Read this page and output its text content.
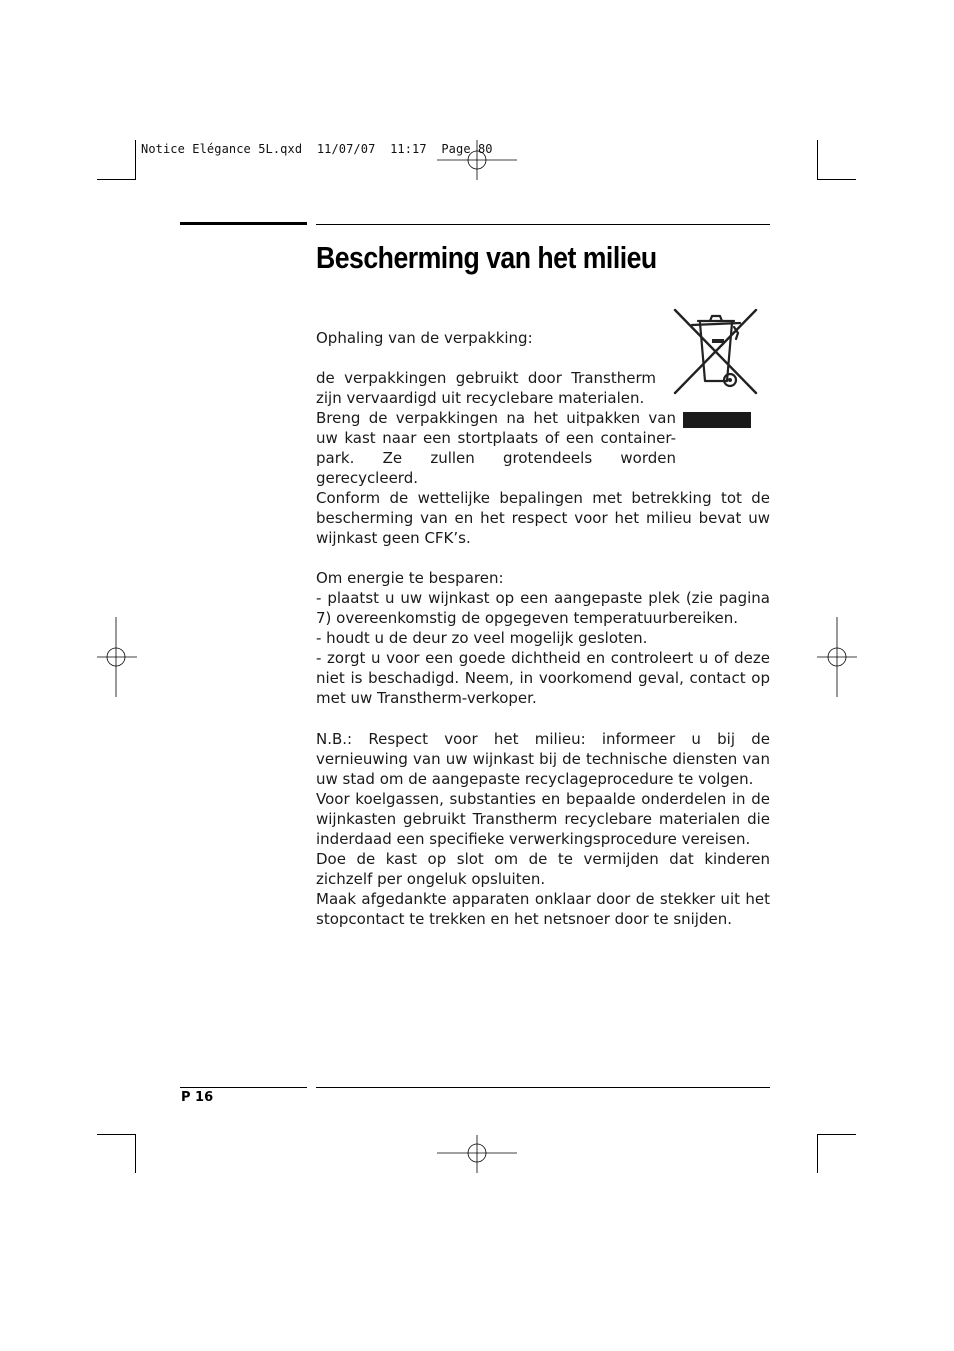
Notice Elégance 5L.qxd 11/07/07 11:17 Page 80
Bescherming van het milieu

Ophaling van de verpakking:

de verpakkingen gebruikt door Transtherm zijn vervaardigd uit recyclebare materialen.

Breng de verpakkingen na het uitpakken van uw kast naar een stortplaats of een container-park. Ze zullen grotendeels worden gerecycleerd.

Conform de wettelijke bepalingen met betrekking tot de bescherming van en het respect voor het milieu bevat uw wijnkast geen CFK’s.

Om energie te besparen:

- plaatst u uw wijnkast op een aangepaste plek (zie pagina 7) overeenkomstig de opgegeven temperatuurbereiken.

- houdt u de deur zo veel mogelijk gesloten.

- zorgt u voor een goede dichtheid en controleert u of deze niet is beschadigd. Neem, in voorkomend geval, contact op met uw Transtherm-verkoper.

N.B.: Respect voor het milieu: informeer u bij de vernieuwing van uw wijnkast bij de technische diensten van uw stad om de aangepaste recyclageprocedure te volgen.

Voor koelgassen, substanties en bepaalde onderdelen in de wijnkasten gebruikt Transtherm recyclebare materialen die inderdaad een specifieke verwerkingsprocedure vereisen.

Doe de kast op slot om de te vermijden dat kinderen zichzelf per ongeluk opsluiten.

Maak afgedankte apparaten onklaar door de stekker uit het stopcontact te trekken en het netsnoer door te snijden.

P 16
